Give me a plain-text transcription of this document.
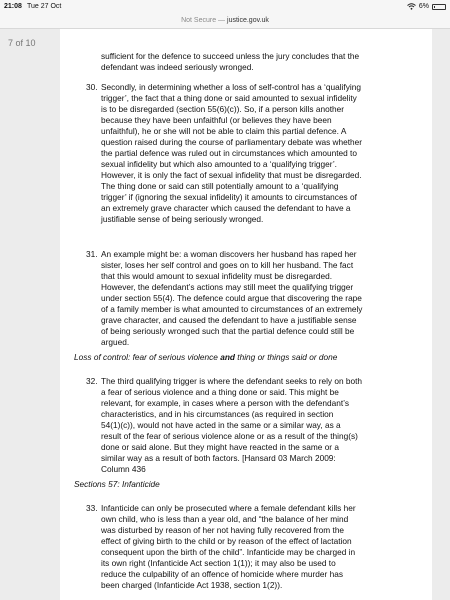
21:08 Tue 27 Oct	6%
Not Secure — justice.gov.uk
7 of 10
sufficient for the defence to succeed unless the jury concludes that the
defendant was indeed seriously wronged.
30. Secondly, in determining whether a loss of self-control has a ‘qualifying
trigger’, the fact that a thing done or said amounted to sexual infidelity
is to be disregarded (section 55(6)(c)). So, if a person kills another
because they have been unfaithful (or believes they have been
unfaithful), he or she will not be able to claim this partial defence. A
question raised during the course of parliamentary debate was whether
the partial defence was ruled out in circumstances which amounted to
sexual infidelity but which also amounted to a ‘qualifying trigger’.
However, it is only the fact of sexual infidelity that must be disregarded.
The thing done or said can still potentially amount to a ‘qualifying
trigger’ if (ignoring the sexual infidelity) it amounts to circumstances of
an extremely grave character which caused the defendant to have a
justifiable sense of being seriously wronged.
31. An example might be: a woman discovers her husband has raped her
sister, loses her self control and goes on to kill her husband. The fact
that this would amount to sexual infidelity must be disregarded.
However, the defendant’s actions may still meet the qualifying trigger
under section 55(4). The defence could argue that discovering the rape
of a family member is what amounted to circumstances of an extremely
grave character, and caused the defendant to have a justifiable sense
of being seriously wronged such that the partial defence could still be
argued.
Loss of control: fear of serious violence and thing or things said or done
32. The third qualifying trigger is where the defendant seeks to rely on both
a fear of serious violence and a thing done or said. This might be
relevant, for example, in cases where a person with the defendant’s
characteristics, and in his circumstances (as required in section
54(1)(c)), would not have acted in the same or a similar way, as a
result of the fear of serious violence alone or as a result of the thing(s)
done or said alone. But they might have reacted in the same or a
similar way as a result of both factors. [Hansard 03 March 2009:
Column 436
Sections 57: Infanticide
33. Infanticide can only be prosecuted where a female defendant kills her
own child, who is less than a year old, and “the balance of her mind
was disturbed by reason of her not having fully recovered from the
effect of giving birth to the child or by reason of the effect of lactation
consequent upon the birth of the child”. Infanticide may be charged in
its own right (Infanticide Act section 1(1)); it may also be used to
reduce the culpability of an offence of homicide where murder has
been charged (Infanticide Act 1938, section 1(2)).
